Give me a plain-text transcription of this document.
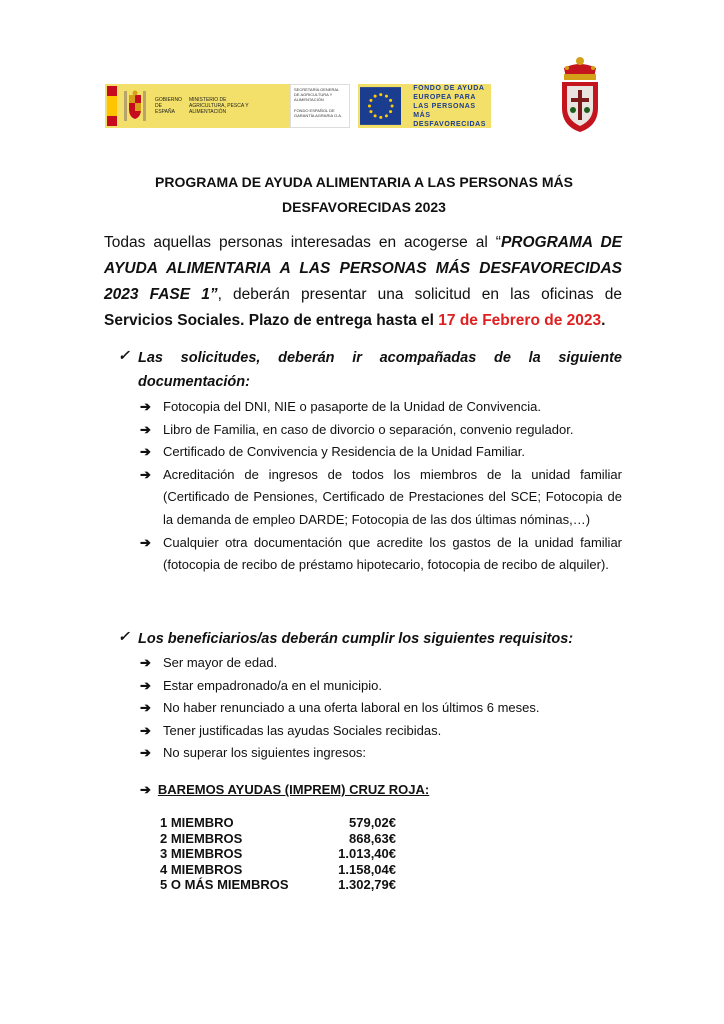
GOBIERNO DE ESPAÑA
MINISTERIO DE AGRICULTURA, PESCA Y ALIMENTACIÓN
SECRETARÍA GENERAL DE AGRICULTURA Y ALIMENTACIÓN
FONDO ESPAÑOL DE GARANTÍA AGRARIA O.A.
FONDO DE AYUDA
EUROPEA PARA
LAS PERSONAS MÁS
DESFAVORECIDAS
PROGRAMA DE AYUDA ALIMENTARIA A LAS PERSONAS MÁS
DESFAVORECIDAS 2023
Todas aquellas personas interesadas en acogerse al “PROGRAMA DE AYUDA ALIMENTARIA A LAS PERSONAS MÁS DESFAVORECIDAS 2023 FASE 1”, deberán presentar una solicitud en las oficinas de Servicios Sociales. Plazo de entrega hasta el 17 de Febrero de 2023.
✓ Las solicitudes, deberán ir acompañadas de la siguiente
documentación:
➔ Fotocopia del DNI, NIE o pasaporte de la Unidad de Convivencia.
➔ Libro de Familia, en caso de divorcio o separación, convenio regulador.
➔ Certificado de Convivencia y Residencia de la Unidad Familiar.
➔ Acreditación de ingresos de todos los miembros de la unidad familiar (Certificado de Pensiones, Certificado de Prestaciones del SCE; Fotocopia de la demanda de empleo DARDE; Fotocopia de las dos últimas nóminas,…)
➔ Cualquier otra documentación que acredite los gastos de la unidad familiar (fotocopia de recibo de préstamo hipotecario, fotocopia de recibo de alquiler).
✓ Los beneficiarios/as deberán cumplir los siguientes requisitos:
➔ Ser mayor de edad.
➔ Estar empadronado/a en el municipio.
➔ No haber renunciado a una oferta laboral en los últimos 6 meses.
➔ Tener justificadas las ayudas Sociales recibidas.
➔ No superar los siguientes ingresos:
➔ BAREMOS AYUDAS (IMPREM) CRUZ ROJA:
1 MIEMBRO	579,02€
2 MIEMBROS	868,63€
3 MIEMBROS	1.013,40€
4 MIEMBROS	1.158,04€
5 O MÁS MIEMBROS	1.302,79€
